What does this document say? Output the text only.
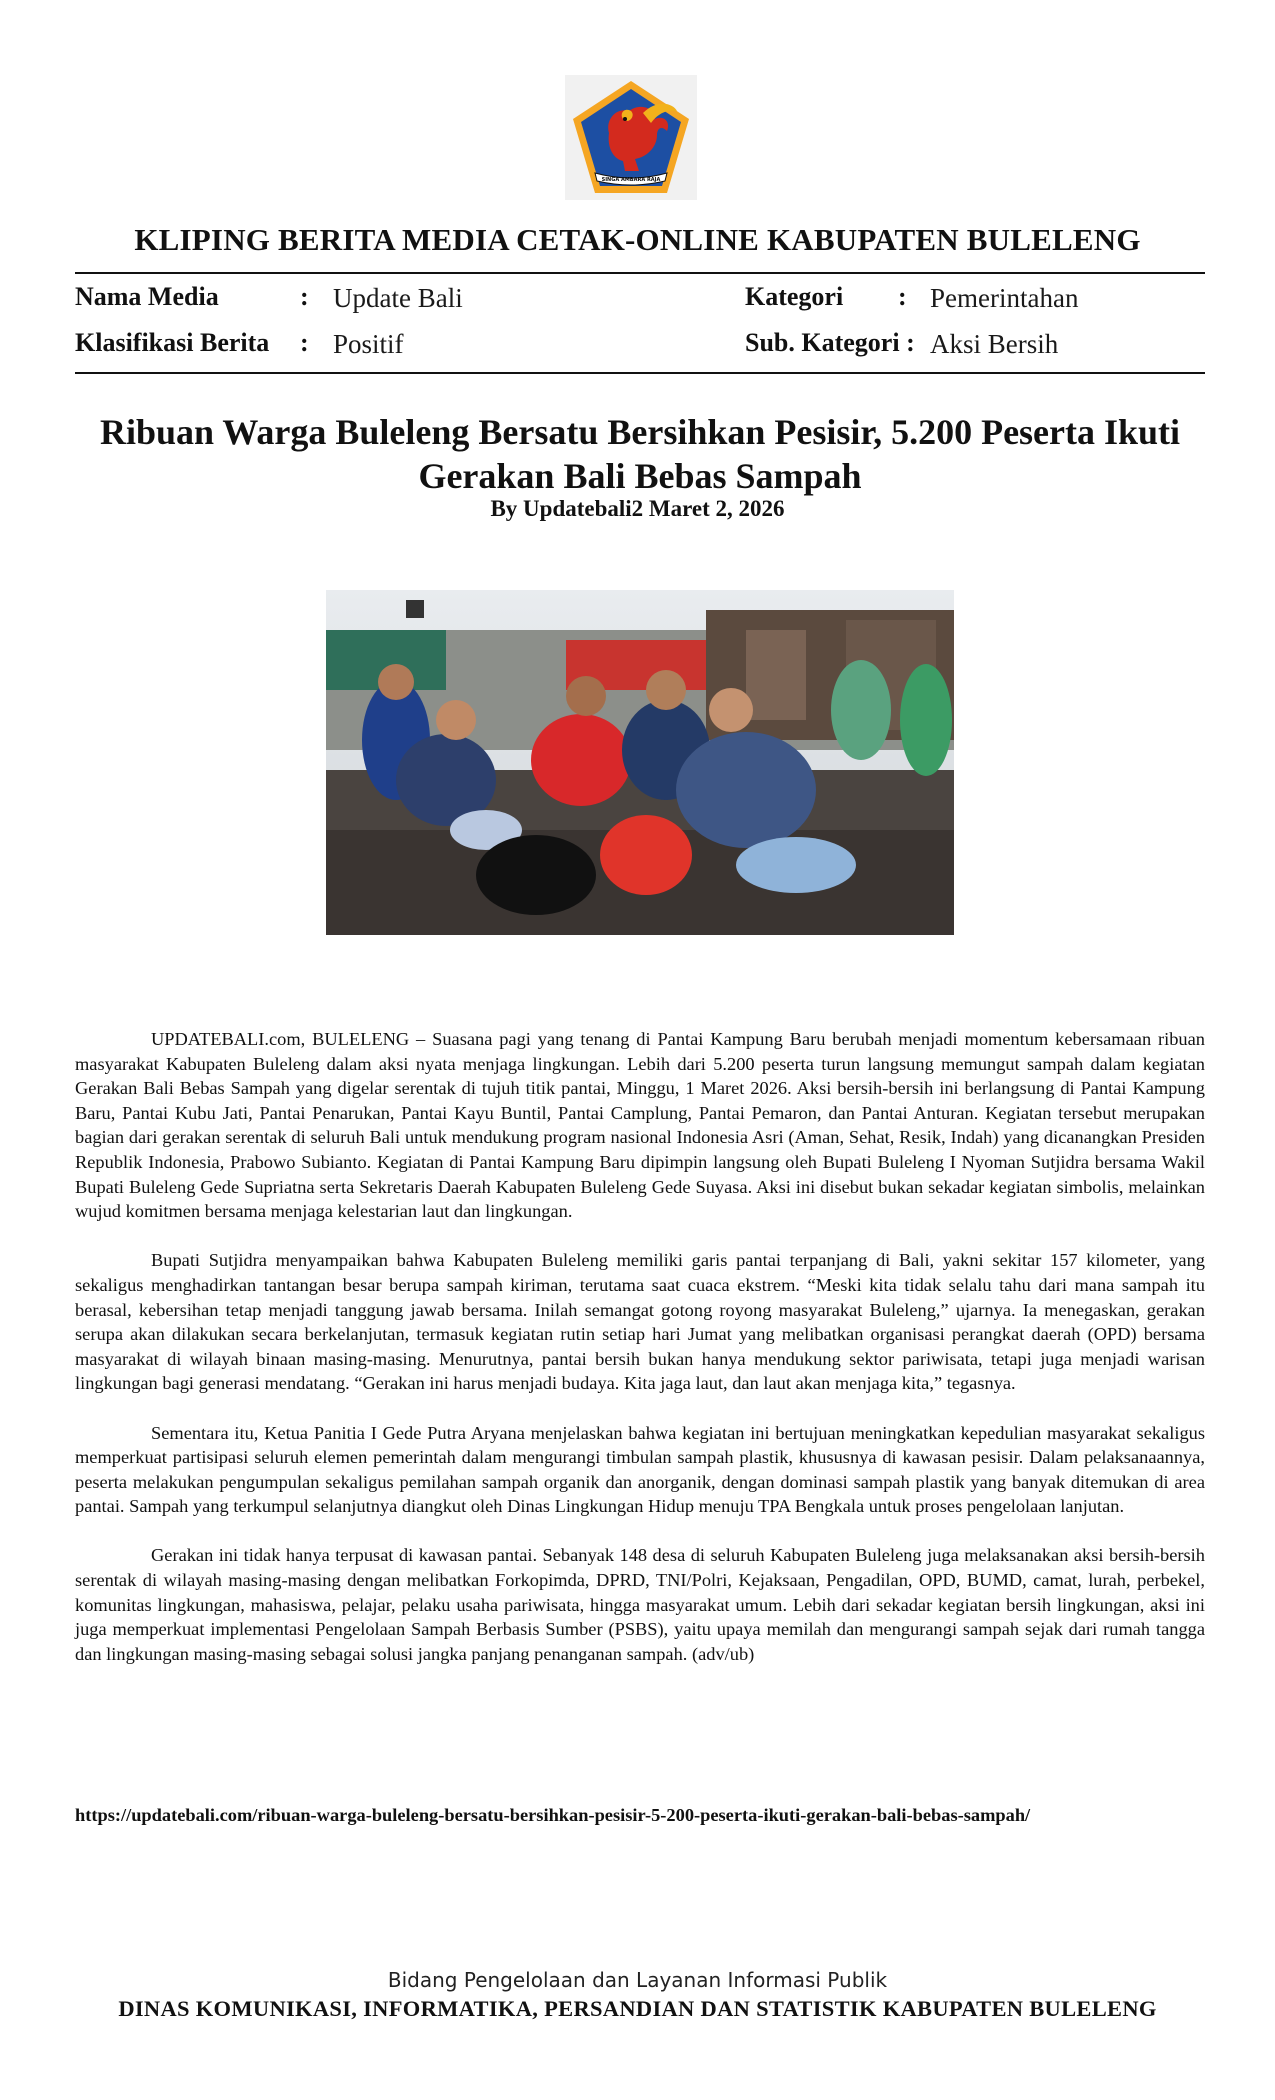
SINGA AMBARA RAJA
KLIPING BERITA MEDIA CETAK-ONLINE KABUPATEN BULELENG
Nama Media	: Update Bali	Kategori : Pemerintahan
Klasifikasi Berita : Positif	Sub. Kategori : Aksi Bersih
Ribuan Warga Buleleng Bersatu Bersihkan Pesisir, 5.200 Peserta Ikuti Gerakan Bali Bebas Sampah
By Updatebali2 Maret 2, 2026

UPDATEBALI.com, BULELENG – Suasana pagi yang tenang di Pantai Kampung Baru berubah menjadi momentum kebersamaan ribuan masyarakat Kabupaten Buleleng dalam aksi nyata menjaga lingkungan. Lebih dari 5.200 peserta turun langsung memungut sampah dalam kegiatan Gerakan Bali Bebas Sampah yang digelar serentak di tujuh titik pantai, Minggu, 1 Maret 2026. Aksi bersih-bersih ini berlangsung di Pantai Kampung Baru, Pantai Kubu Jati, Pantai Penarukan, Pantai Kayu Buntil, Pantai Camplung, Pantai Pemaron, dan Pantai Anturan. Kegiatan tersebut merupakan bagian dari gerakan serentak di seluruh Bali untuk mendukung program nasional Indonesia Asri (Aman, Sehat, Resik, Indah) yang dicanangkan Presiden Republik Indonesia, Prabowo Subianto. Kegiatan di Pantai Kampung Baru dipimpin langsung oleh Bupati Buleleng I Nyoman Sutjidra bersama Wakil Bupati Buleleng Gede Supriatna serta Sekretaris Daerah Kabupaten Buleleng Gede Suyasa. Aksi ini disebut bukan sekadar kegiatan simbolis, melainkan wujud komitmen bersama menjaga kelestarian laut dan lingkungan.

Bupati Sutjidra menyampaikan bahwa Kabupaten Buleleng memiliki garis pantai terpanjang di Bali, yakni sekitar 157 kilometer, yang sekaligus menghadirkan tantangan besar berupa sampah kiriman, terutama saat cuaca ekstrem. “Meski kita tidak selalu tahu dari mana sampah itu berasal, kebersihan tetap menjadi tanggung jawab bersama. Inilah semangat gotong royong masyarakat Buleleng,” ujarnya. Ia menegaskan, gerakan serupa akan dilakukan secara berkelanjutan, termasuk kegiatan rutin setiap hari Jumat yang melibatkan organisasi perangkat daerah (OPD) bersama masyarakat di wilayah binaan masing-masing. Menurutnya, pantai bersih bukan hanya mendukung sektor pariwisata, tetapi juga menjadi warisan lingkungan bagi generasi mendatang. “Gerakan ini harus menjadi budaya. Kita jaga laut, dan laut akan menjaga kita,” tegasnya.

Sementara itu, Ketua Panitia I Gede Putra Aryana menjelaskan bahwa kegiatan ini bertujuan meningkatkan kepedulian masyarakat sekaligus memperkuat partisipasi seluruh elemen pemerintah dalam mengurangi timbulan sampah plastik, khususnya di kawasan pesisir. Dalam pelaksanaannya, peserta melakukan pengumpulan sekaligus pemilahan sampah organik dan anorganik, dengan dominasi sampah plastik yang banyak ditemukan di area pantai. Sampah yang terkumpul selanjutnya diangkut oleh Dinas Lingkungan Hidup menuju TPA Bengkala untuk proses pengelolaan lanjutan.

Gerakan ini tidak hanya terpusat di kawasan pantai. Sebanyak 148 desa di seluruh Kabupaten Buleleng juga melaksanakan aksi bersih-bersih serentak di wilayah masing-masing dengan melibatkan Forkopimda, DPRD, TNI/Polri, Kejaksaan, Pengadilan, OPD, BUMD, camat, lurah, perbekel, komunitas lingkungan, mahasiswa, pelajar, pelaku usaha pariwisata, hingga masyarakat umum. Lebih dari sekadar kegiatan bersih lingkungan, aksi ini juga memperkuat implementasi Pengelolaan Sampah Berbasis Sumber (PSBS), yaitu upaya memilah dan mengurangi sampah sejak dari rumah tangga dan lingkungan masing-masing sebagai solusi jangka panjang penanganan sampah. (adv/ub)

https://updatebali.com/ribuan-warga-buleleng-bersatu-bersihkan-pesisir-5-200-peserta-ikuti-gerakan-bali-bebas-sampah/
Bidang Pengelolaan dan Layanan Informasi Publik
DINAS KOMUNIKASI, INFORMATIKA, PERSANDIAN DAN STATISTIK KABUPATEN BULELENG
